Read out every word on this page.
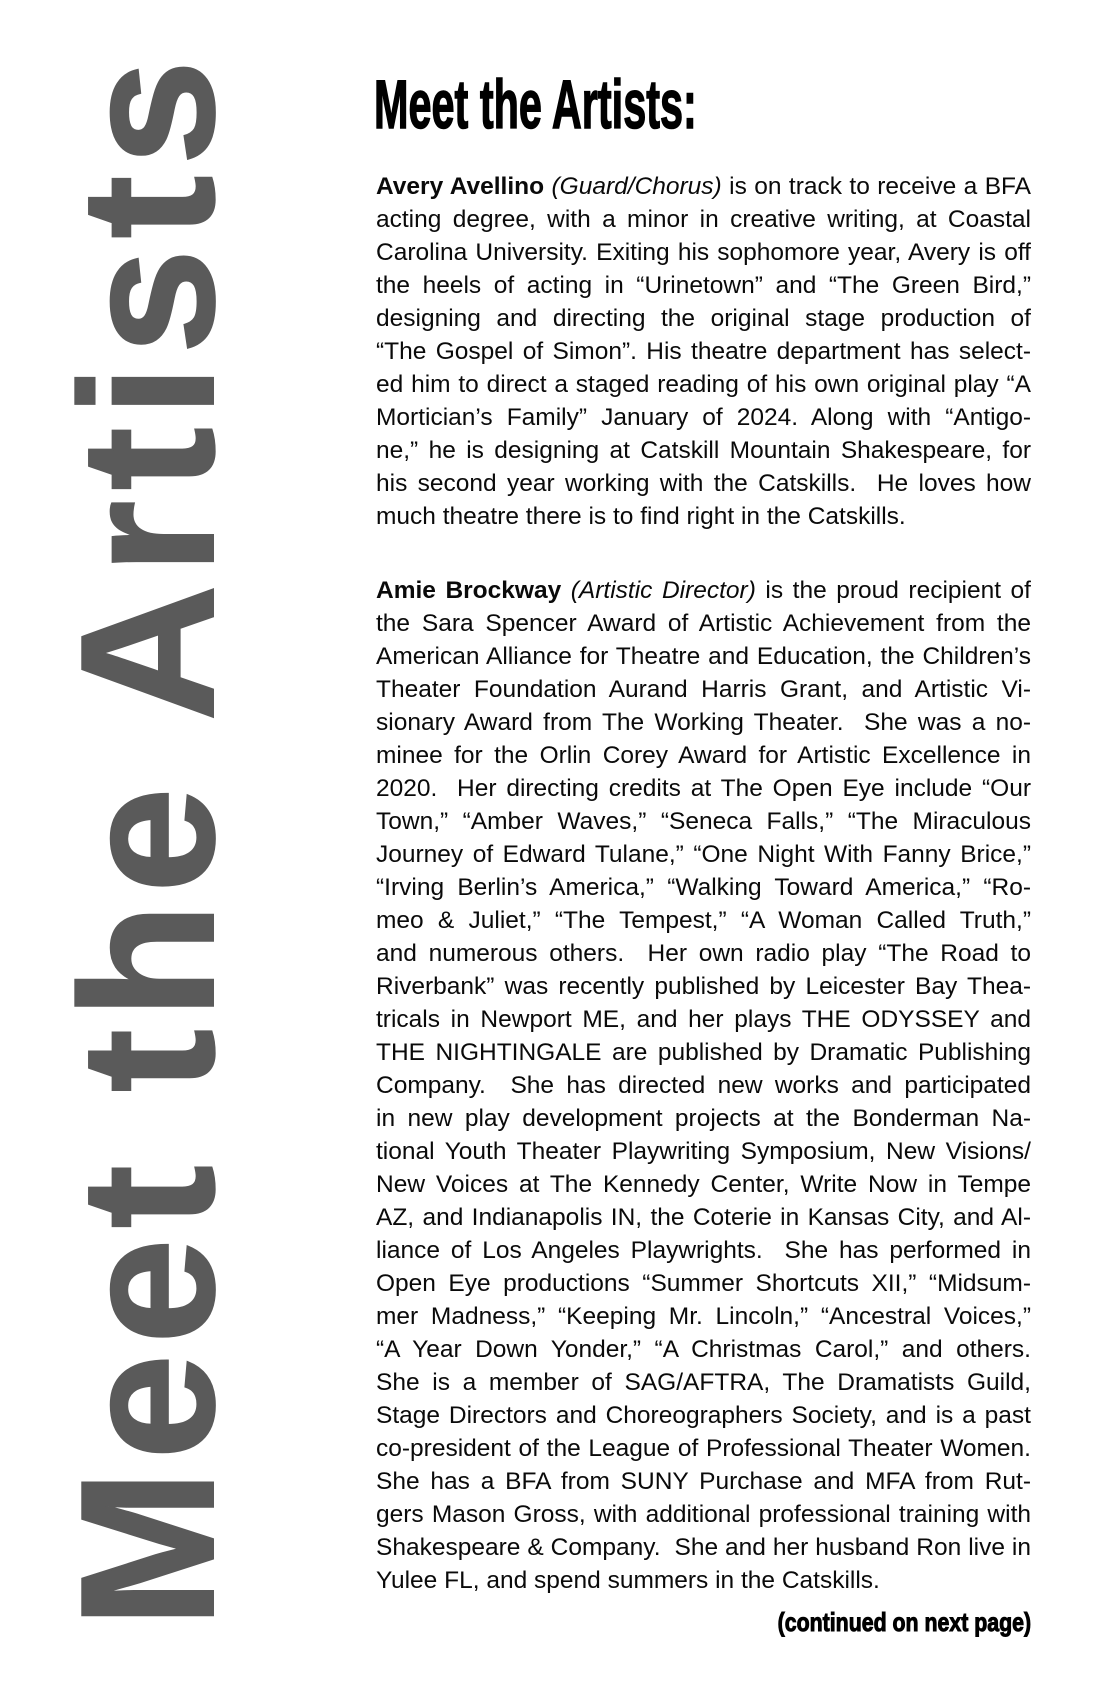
Meet the Artists Meet the Artists:
Avery Avellino (Guard/Chorus) is on track to receive a BFA
acting degree, with a minor in creative writing, at Coastal
Carolina University. Exiting his sophomore year, Avery is off
the heels of acting in “Urinetown” and “The Green Bird,”
designing and directing the original stage production of
“The Gospel of Simon”. His theatre department has select-
ed him to direct a staged reading of his own original play “A
Mortician’s Family” January of 2024. Along with “Antigo-
ne,” he is designing at Catskill Mountain Shakespeare, for
his second year working with the Catskills.  He loves how
much theatre there is to find right in the Catskills.
Amie Brockway (Artistic Director) is the proud recipient of
the Sara Spencer Award of Artistic Achievement from the
American Alliance for Theatre and Education, the Children’s
Theater Foundation Aurand Harris Grant, and Artistic Vi-
sionary Award from The Working Theater.  She was a no-
minee for the Orlin Corey Award for Artistic Excellence in
2020.  Her directing credits at The Open Eye include “Our
Town,” “Amber Waves,” “Seneca Falls,” “The Miraculous
Journey of Edward Tulane,” “One Night With Fanny Brice,”
“Irving Berlin’s America,” “Walking Toward America,” “Ro-
meo & Juliet,” “The Tempest,” “A Woman Called Truth,”
and numerous others.  Her own radio play “The Road to
Riverbank” was recently published by Leicester Bay Thea-
tricals in Newport ME, and her plays THE ODYSSEY and
THE NIGHTINGALE are published by Dramatic Publishing
Company.  She has directed new works and participated
in new play development projects at the Bonderman Na-
tional Youth Theater Playwriting Symposium, New Visions/
New Voices at The Kennedy Center, Write Now in Tempe
AZ, and Indianapolis IN, the Coterie in Kansas City, and Al-
liance of Los Angeles Playwrights.  She has performed in
Open Eye productions “Summer Shortcuts XII,” “Midsum-
mer Madness,” “Keeping Mr. Lincoln,” “Ancestral Voices,”
“A Year Down Yonder,” “A Christmas Carol,” and others.
She is a member of SAG/AFTRA, The Dramatists Guild,
Stage Directors and Choreographers Society, and is a past
co-president of the League of Professional Theater Women.
She has a BFA from SUNY Purchase and MFA from Rut-
gers Mason Gross, with additional professional training with
Shakespeare & Company.  She and her husband Ron live in
Yulee FL, and spend summers in the Catskills.
(continued on next page)
